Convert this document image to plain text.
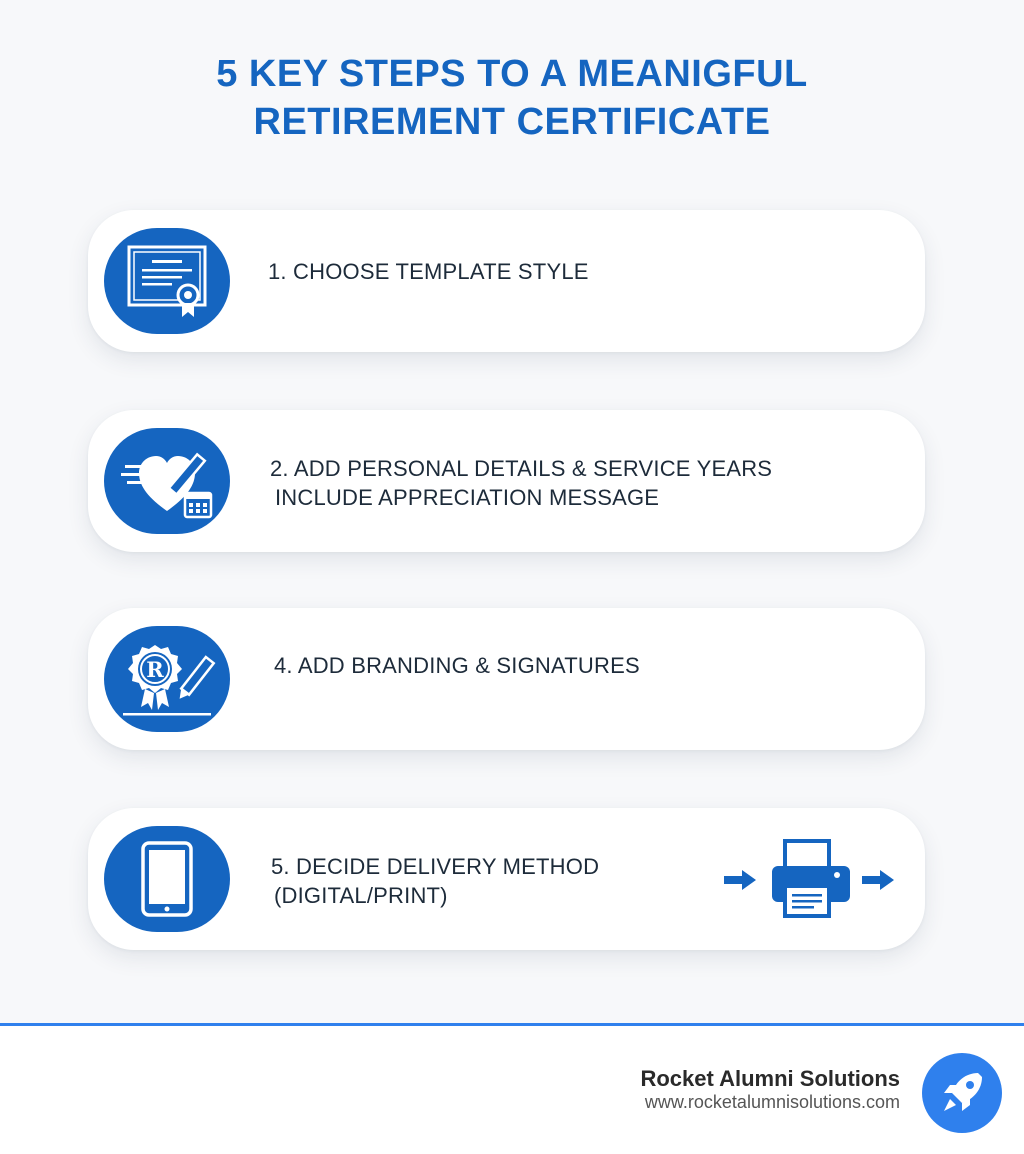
5 KEY STEPS TO A MEANIGFUL
RETIREMENT CERTIFICATE
1. CHOOSE TEMPLATE STYLE
2. ADD PERSONAL DETAILS & SERVICE YEARS
INCLUDE APPRECIATION MESSAGE
R	4. ADD BRANDING & SIGNATURES
5. DECIDE DELIVERY METHOD
(DIGITAL/PRINT)
Rocket Alumni Solutions
www.rocketalumnisolutions.com
